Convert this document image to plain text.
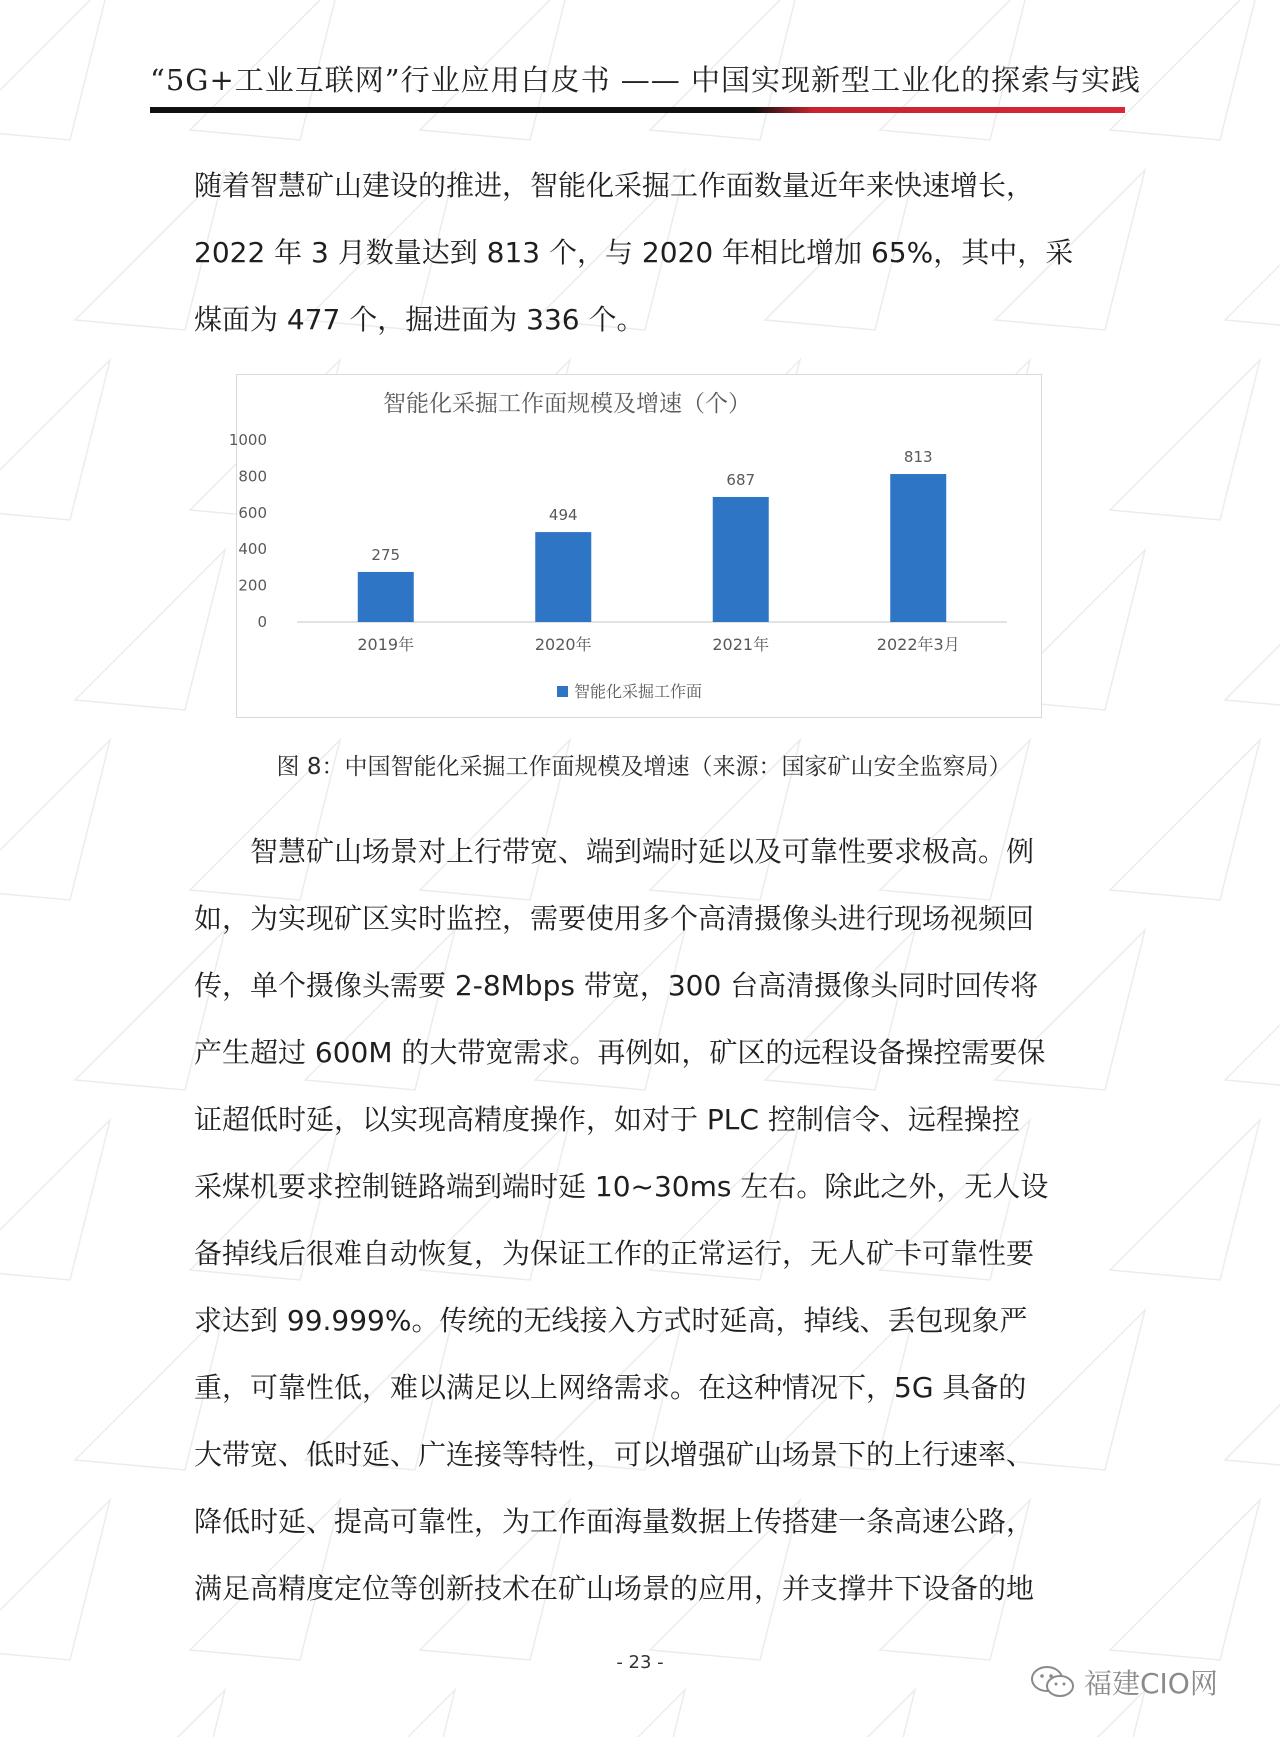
“5G+工业互联网”行业应用白皮书 —— 中国实现新型工业化的探索与实践

随着智慧矿山建设的推进，智能化采掘工作面数量近年来快速增长，

2022 年 3 月数量达到 813 个，与 2020 年相比增加 65%，其中，采

煤面为 477 个，掘进面为 336 个。

智能化采掘工作面规模及增速（个）
0
200
400
600
800
1000
275
2019年
494
2020年
687
2021年
813
2022年3月
智能化采掘工作面
图 8：中国智能化采掘工作面规模及增速（来源：国家矿山安全监察局）

智慧矿山场景对上行带宽、端到端时延以及可靠性要求极高。例

如，为实现矿区实时监控，需要使用多个高清摄像头进行现场视频回

传，单个摄像头需要 2-8Mbps 带宽，300 台高清摄像头同时回传将

产生超过 600M 的大带宽需求。再例如，矿区的远程设备操控需要保

证超低时延，以实现高精度操作，如对于 PLC 控制信令、远程操控

采煤机要求控制链路端到端时延 10~30ms 左右。除此之外，无人设

备掉线后很难自动恢复，为保证工作的正常运行，无人矿卡可靠性要

求达到 99.999%。传统的无线接入方式时延高，掉线、丢包现象严

重，可靠性低，难以满足以上网络需求。在这种情况下，5G 具备的

大带宽、低时延、广连接等特性，可以增强矿山场景下的上行速率、

降低时延、提高可靠性，为工作面海量数据上传搭建一条高速公路，

满足高精度定位等创新技术在矿山场景的应用，并支撑井下设备的地

- 23 -
福建CIO网
